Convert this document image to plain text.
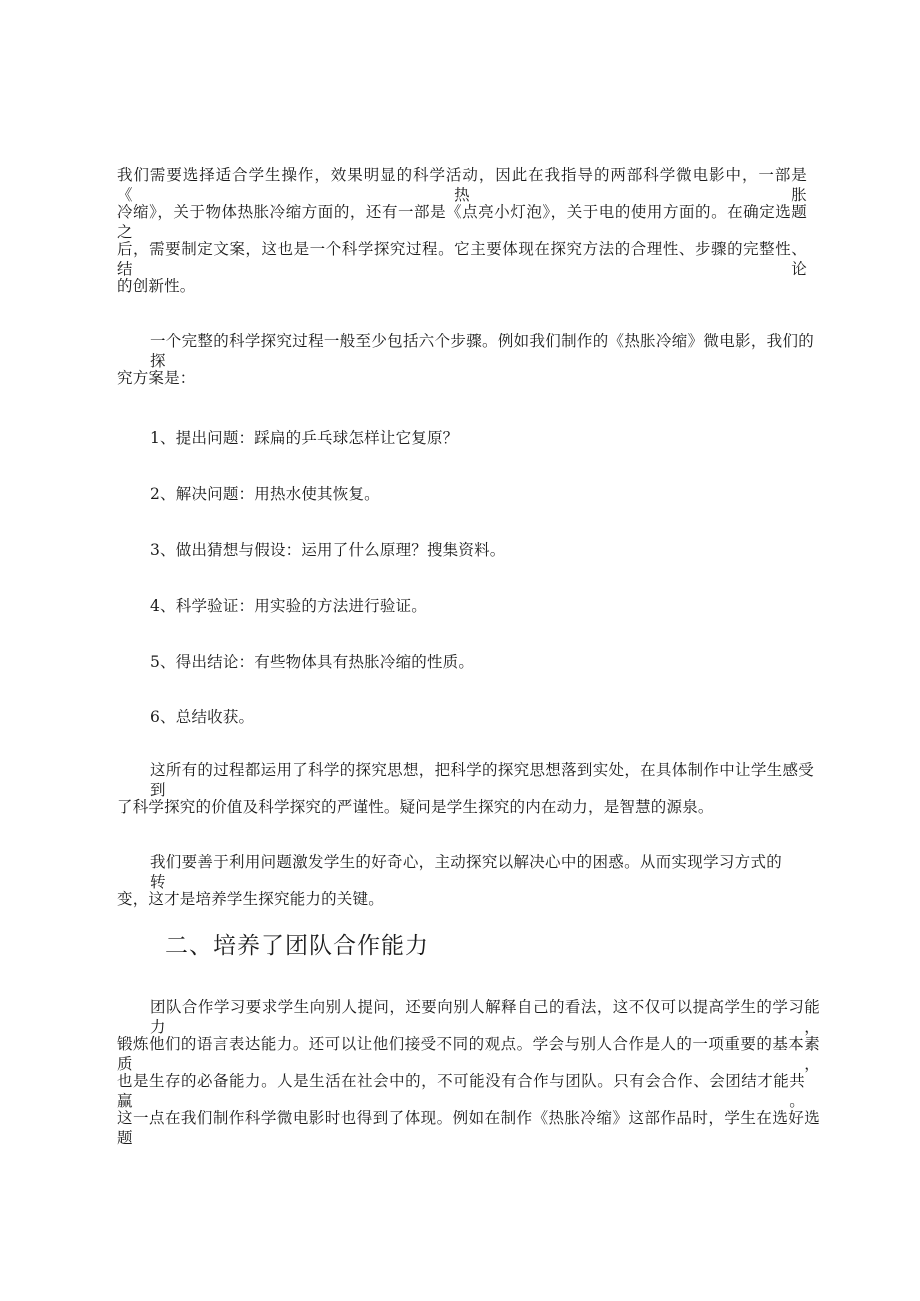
我们需要选择适合学生操作，效果明显的科学活动，因此在我指导的两部科学微电影中，一部是《热胀
冷缩》，关于物体热胀冷缩方面的，还有一部是《点亮小灯泡》，关于电的使用方面的。在确定选题之
后，需要制定文案，这也是一个科学探究过程。它主要体现在探究方法的合理性、步骤的完整性、结论
的创新性。
一个完整的科学探究过程一般至少包括六个步骤。例如我们制作的《热胀冷缩》微电影，我们的探
究方案是：
1、提出问题：踩扁的乒乓球怎样让它复原？
2、解决问题：用热水使其恢复。
3、做出猜想与假设：运用了什么原理？搜集资料。
4、科学验证：用实验的方法进行验证。
5、得出结论：有些物体具有热胀冷缩的性质。
6、总结收获。
这所有的过程都运用了科学的探究思想，把科学的探究思想落到实处，在具体制作中让学生感受到
了科学探究的价值及科学探究的严谨性。疑问是学生探究的内在动力，是智慧的源泉。
我们要善于利用问题激发学生的好奇心，主动探究以解决心中的困惑。从而实现学习方式的转
变，这才是培养学生探究能力的关键。
二、培养了团队合作能力
团队合作学习要求学生向别人提问，还要向别人解释自己的看法，这不仅可以提高学生的学习能力，
锻炼他们的语言表达能力。还可以让他们接受不同的观点。学会与别人合作是人的一项重要的基本素质，
也是生存的必备能力。人是生活在社会中的，不可能没有合作与团队。只有会合作、会团结才能共赢。
这一点在我们制作科学微电影时也得到了体现。例如在制作《热胀冷缩》这部作品时，学生在选好选题
